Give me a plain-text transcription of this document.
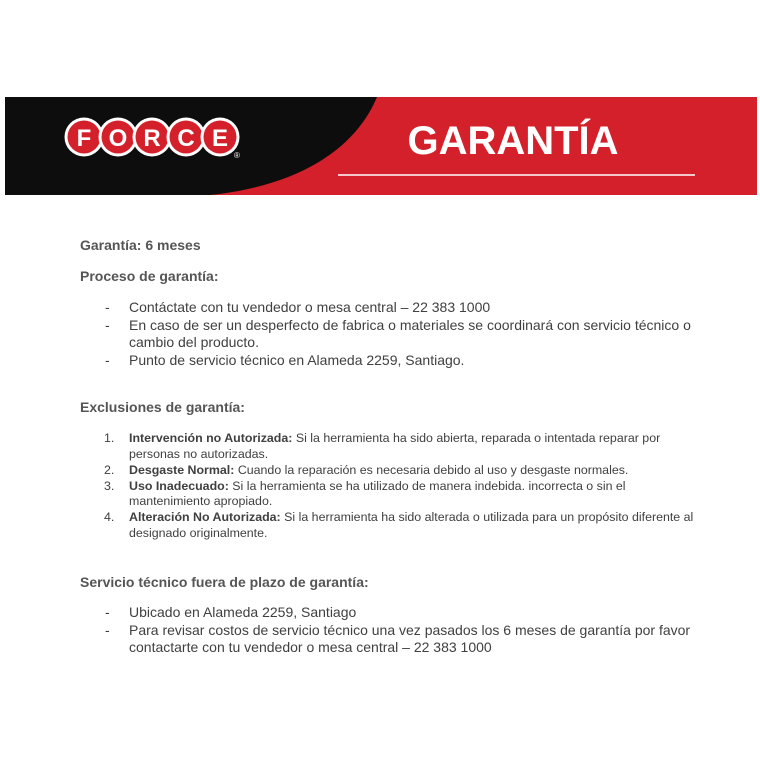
F O R C E
®	GARANTÍA
Garantía: 6 meses
Proceso de garantía:
- Contáctate con tu vendedor o mesa central – 22 383 1000
- En caso de ser un desperfecto de fabrica o materiales se coordinará con servicio técnico o cambio del producto.
- Punto de servicio técnico en Alameda 2259, Santiago.
Exclusiones de garantía:
1. Intervención no Autorizada: Si la herramienta ha sido abierta, reparada o intentada reparar por personas no autorizadas.
2. Desgaste Normal: Cuando la reparación es necesaria debido al uso y desgaste normales.
3. Uso Inadecuado: Si la herramienta se ha utilizado de manera indebida. incorrecta o sin el mantenimiento apropiado.
4. Alteración No Autorizada: Si la herramienta ha sido alterada o utilizada para un propósito diferente al designado originalmente.
Servicio técnico fuera de plazo de garantía:
- Ubicado en Alameda 2259, Santiago
- Para revisar costos de servicio técnico una vez pasados los 6 meses de garantía por favor contactarte con tu vendedor o mesa central – 22 383 1000
